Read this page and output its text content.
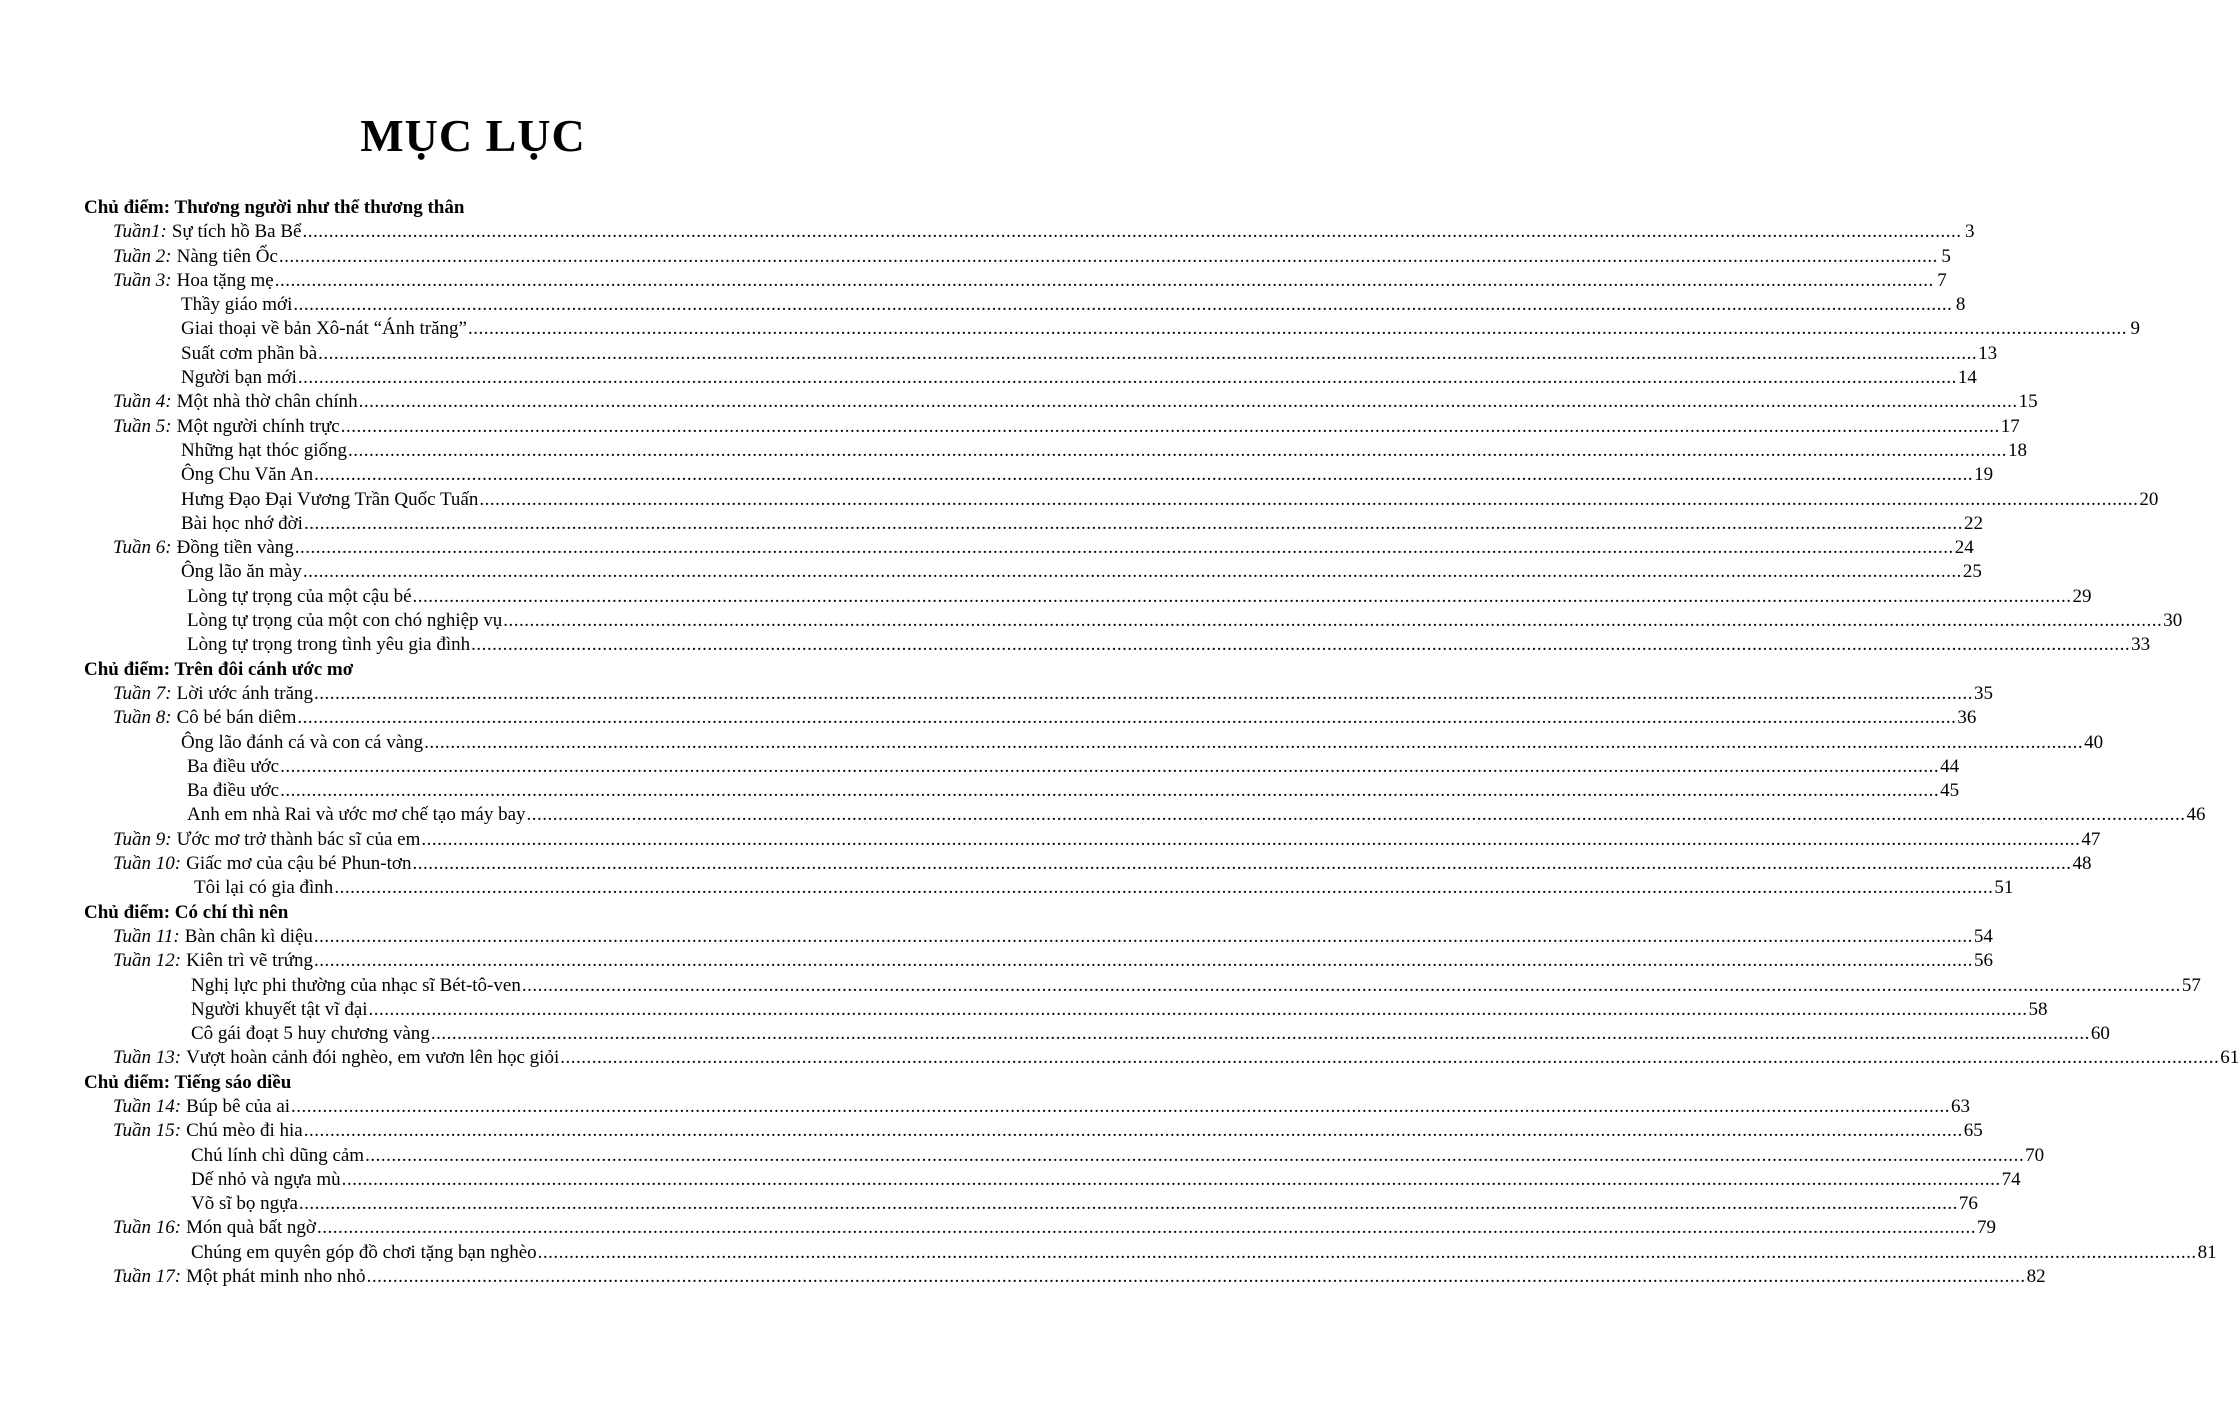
MỤC LỤC
Chủ điểm: Thương người như thể thương thân
Tuần1: Sự tích hồ Ba Bể .....	3
Tuần 2: Nàng tiên Ốc .....	5
Tuần 3: Hoa tặng mẹ .....	7
Thầy giáo mới .....	8
Giai thoại về bản Xô-nát “Ánh trăng” .....	9
Suất cơm phần bà .....	13
Người bạn mới .....	14
Tuần 4: Một nhà thờ chân chính .....	15
Tuần 5: Một người chính trực .....	17
Những hạt thóc giống .....	18
Ông Chu Văn An .....	19
Hưng Đạo Đại Vương Trần Quốc Tuấn .....	20
Bài học nhớ đời .....	22
Tuần 6: Đồng tiền vàng .....	24
Ông lão ăn mày .....	25
Lòng tự trọng của một cậu bé .....	29
Lòng tự trọng của một con chó nghiệp vụ .....	30
Lòng tự trọng trong tình yêu gia đình .....	33
Chủ điểm: Trên đôi cánh ước mơ
Tuần 7: Lời ước ánh trăng .....	35
Tuần 8: Cô bé bán diêm .....	36
Ông lão đánh cá và con cá vàng .....	40
Ba điều ước .....	44
Ba điều ước .....	45
Anh em nhà Rai và ước mơ chế tạo máy bay .....	46
Tuần 9: Ước mơ trở thành bác sĩ của em .....	47
Tuần 10: Giấc mơ của cậu bé Phun-tơn .....	48
Tôi lại có gia đình .....	51
Chủ điểm: Có chí thì nên
Tuần 11: Bàn chân kì diệu .....	54
Tuần 12: Kiên trì vẽ trứng .....	56
Nghị lực phi thường của nhạc sĩ Bét-tô-ven .....	57
Người khuyết tật vĩ đại .....	58
Cô gái đoạt 5 huy chương vàng .....	60
Tuần 13: Vượt hoàn cảnh đói nghèo, em vươn lên học giỏi .....	61
Chủ điểm: Tiếng sáo diều
Tuần 14: Búp bê của ai .....	63
Tuần 15: Chú mèo đi hia .....	65
Chú lính chì dũng cảm .....	70
Dế nhỏ và ngựa mù .....	74
Võ sĩ bọ ngựa .....	76
Tuần 16: Món quà bất ngờ .....	79
Chúng em quyên góp đồ chơi tặng bạn nghèo .....	81
Tuần 17: Một phát minh nho nhỏ .....	82
